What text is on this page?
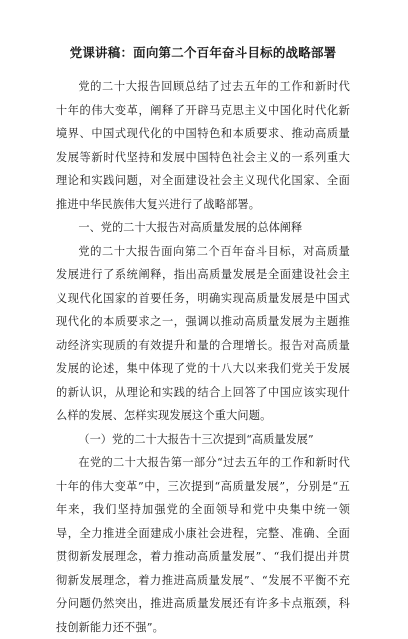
党课讲稿：面向第二个百年奋斗目标的战略部署

党的二十大报告回顾总结了过去五年的工作和新时代十年的伟大变革，阐释了开辟马克思主义中国化时代化新境界、中国式现代化的中国特色和本质要求、推动高质量发展等新时代坚持和发展中国特色社会主义的一系列重大理论和实践问题，对全面建设社会主义现代化国家、全面推进中华民族伟大复兴进行了战略部署。

一、党的二十大报告对高质量发展的总体阐释

党的二十大报告面向第二个百年奋斗目标，对高质量发展进行了系统阐释，指出高质量发展是全面建设社会主义现代化国家的首要任务，明确实现高质量发展是中国式现代化的本质要求之一，强调以推动高质量发展为主题推动经济实现质的有效提升和量的合理增长。报告对高质量发展的论述，集中体现了党的十八大以来我们党关于发展的新认识，从理论和实践的结合上回答了中国应该实现什么样的发展、怎样实现发展这个重大问题。

（一）党的二十大报告十三次提到“高质量发展”

在党的二十大报告第一部分“过去五年的工作和新时代十年的伟大变革”中，三次提到“高质量发展”，分别是“五年来，我们坚持加强党的全面领导和党中央集中统一领导，全力推进全面建成小康社会进程，完整、准确、全面贯彻新发展理念，着力推动高质量发展”、“我们提出并贯彻新发展理念，着力推进高质量发展”、“发展不平衡不充分问题仍然突出，推进高质量发展还有许多卡点瓶颈，科技创新能力还不强”。
